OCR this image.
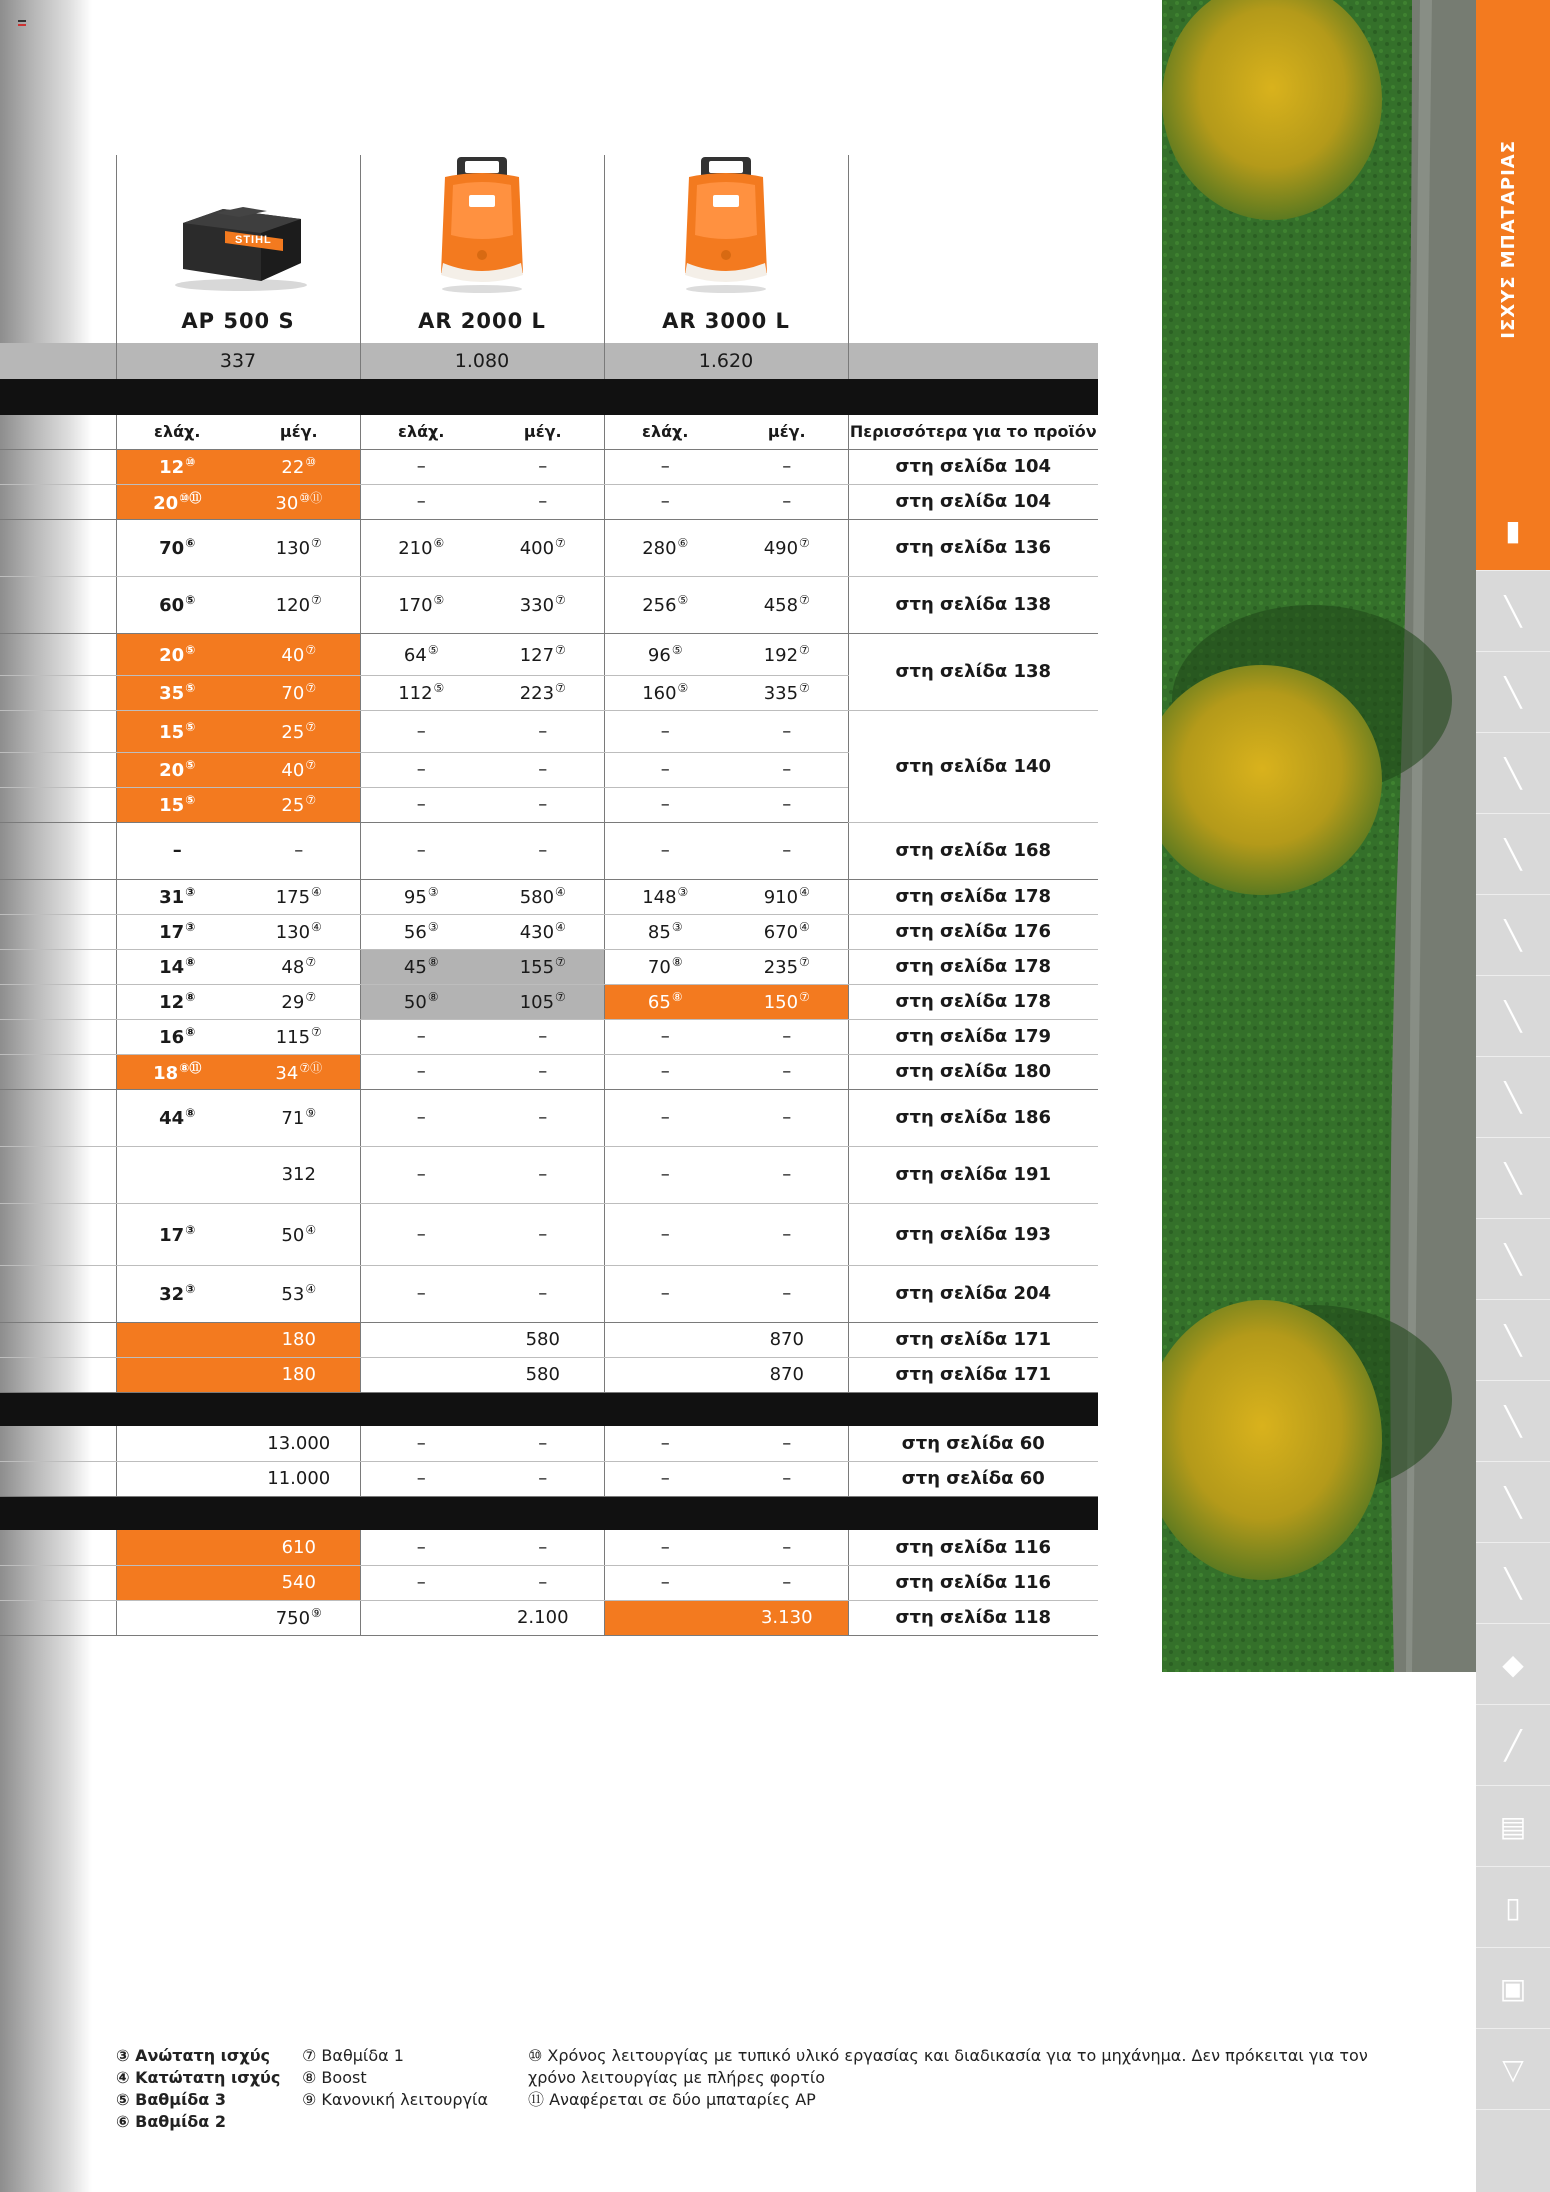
STIHL
AP 500 S		AR 2000 L		AR 3000 L		

	337		1.080		1.620		

	ελάχ.	μέγ.	ελάχ.	μέγ.	ελάχ.	μέγ.	Περισσότερα για το προϊόν
	12⑩	22⑩	–	–	–	–	στη σελίδα 104
	20⑩⑪	30⑩⑪	–	–	–	–	στη σελίδα 104
	70⑥	130⑦	210⑥	400⑦	280⑥	490⑦	στη σελίδα 136
	60⑤	120⑦	170⑤	330⑦	256⑤	458⑦	στη σελίδα 138
	20⑤	40⑦	64⑤	127⑦	96⑤	192⑦	στη σελίδα 138
	35⑤	70⑦	112⑤	223⑦	160⑤	335⑦
	15⑤	25⑦	–	–	–	–	στη σελίδα 140
	20⑤	40⑦	–	–	–	–	
	15⑤	25⑦	–	–	–	–	
	–	–	–	–	–	–	στη σελίδα 168
	31③	175④	95③	580④	148③	910④	στη σελίδα 178
	17③	130④	56③	430④	85③	670④	στη σελίδα 176
	14⑧	48⑦	45⑧	155⑦	70⑧	235⑦	στη σελίδα 178
	12⑧	29⑦	50⑧	105⑦	65⑧	150⑦	στη σελίδα 178
	16⑧	115⑦	–	–	–	–	στη σελίδα 179
	18⑧⑪	34⑦⑪	–	–	–	–	στη σελίδα 180
	44⑧	71⑨	–	–	–	–	στη σελίδα 186
		312	–	–	–	–	στη σελίδα 191
	17③	50④	–	–	–	–	στη σελίδα 193
	32③	53④	–	–	–	–	στη σελίδα 204
		180		580		870	στη σελίδα 171
		180		580		870	στη σελίδα 171

		13.000	–	–	–	–	στη σελίδα 60
		11.000	–	–	–	–	στη σελίδα 60

		610	–	–	–	–	στη σελίδα 116
		540	–	–	–	–	στη σελίδα 116
		750⑨		2.100		3.130	στη σελίδα 118
ΙΣΧΥΣ ΜΠΑΤΑΡΙΑΣ
▮
╲
╲
╲
╲
╲
╲
╲
╲
╲
╲
╲
╲
╲
◆
╱
▤
▯
▣
▽
③ Ανώτατη ισχύς
④ Κατώτατη ισχύς
⑤ Βαθμίδα 3
⑥ Βαθμίδα 2
⑦ Βαθμίδα 1
⑧ Boost
⑨ Κανονική λειτουργία
⑩ Χρόνος λειτουργίας με τυπικό υλικό εργασίας και διαδικασία για το μηχάνημα. Δεν πρόκειται για τον χρόνο λειτουργίας με πλήρες φορτίο
⑪ Αναφέρεται σε δύο μπαταρίες AP
